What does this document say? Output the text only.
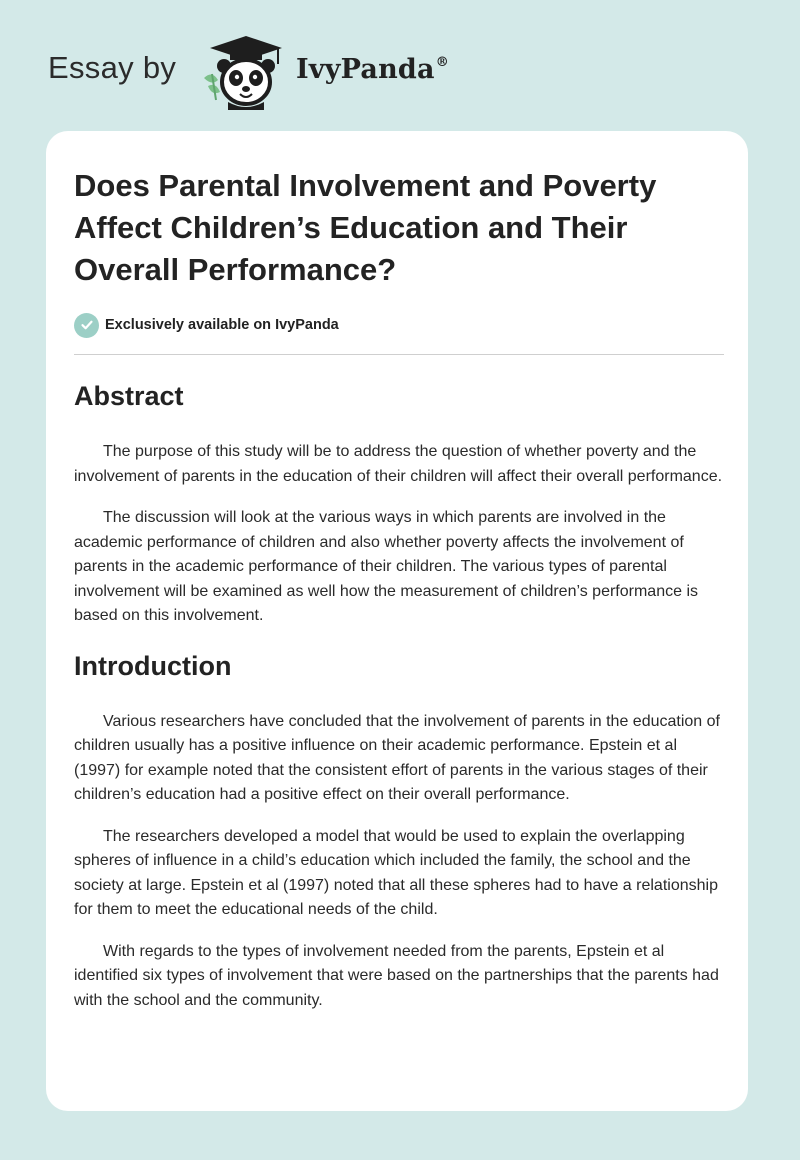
Essay by	IvyPanda®
Does Parental Involvement and Poverty Affect Children’s Education and Their Overall Performance?
Exclusively available on IvyPanda
Abstract

The purpose of this study will be to address the question of whether poverty and the involvement of parents in the education of their children will affect their overall performance.

The discussion will look at the various ways in which parents are involved in the academic performance of children and also whether poverty affects the involvement of parents in the academic performance of their children. The various types of parental involvement will be examined as well how the measurement of children’s performance is based on this involvement.

Introduction

Various researchers have concluded that the involvement of parents in the education of children usually has a positive influence on their academic performance. Epstein et al (1997) for example noted that the consistent effort of parents in the various stages of their children’s education had a positive effect on their overall performance.

The researchers developed a model that would be used to explain the overlapping spheres of influence in a child’s education which included the family, the school and the society at large. Epstein et al (1997) noted that all these spheres had to have a relationship for them to meet the educational needs of the child.

With regards to the types of involvement needed from the parents, Epstein et al identified six types of involvement that were based on the partnerships that the parents had with the school and the community.
